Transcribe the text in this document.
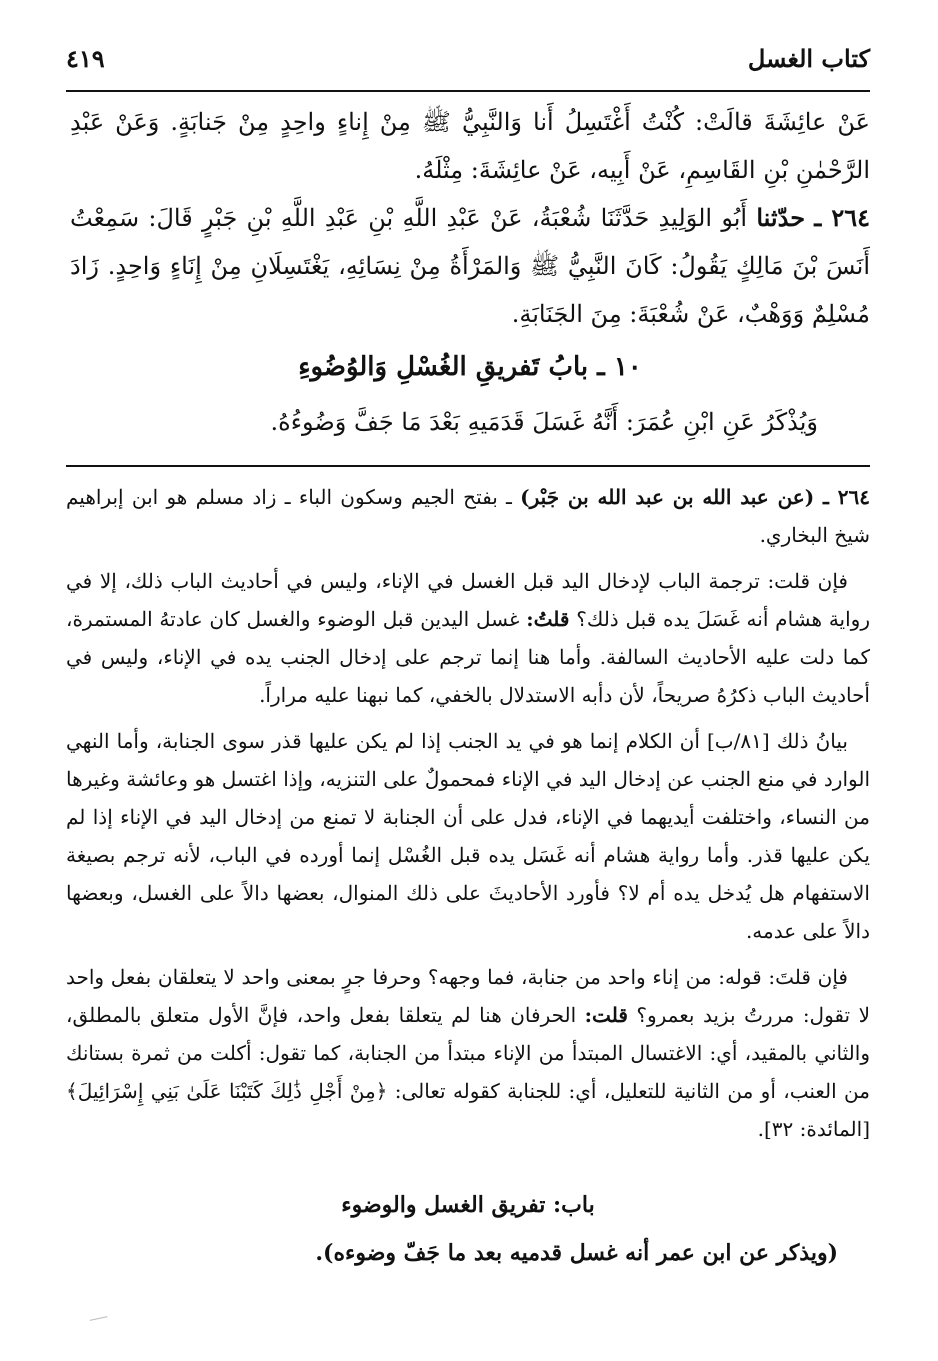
كتاب الغسل
٤١٩

عَنْ عائِشَةَ قالَتْ: كُنْتُ أَغْتَسِلُ أَنا وَالنَّبِيُّ ﷺ مِنْ إِناءٍ واحِدٍ مِنْ جَنابَةٍ. وَعَنْ عَبْدِ الرَّحْمٰنِ بْنِ القَاسِمِ، عَنْ أَبِيه، عَنْ عائِشَةَ: مِثْلَهُ.

٢٦٤ ـ حدّثنا أَبُو الوَلِيدِ حَدَّثَنَا شُعْبَةُ، عَنْ عَبْدِ اللَّهِ بْنِ عَبْدِ اللَّهِ بْنِ جَبْرٍ قَالَ: سَمِعْتُ أَنَسَ بْنَ مَالِكٍ يَقُولُ: كَانَ النَّبِيُّ ﷺ وَالمَرْأَةُ مِنْ نِسَائِهِ، يَغْتَسِلَانِ مِنْ إِنَاءٍ وَاحِدٍ. زَادَ مُسْلِمٌ وَوَهْبٌ، عَنْ شُعْبَةَ: مِنَ الجَنَابَةِ.

١٠ ـ بابُ تَفريقِ الغُسْلِ وَالوُضُوءِ
وَيُذْكَرُ عَنِ ابْنِ عُمَرَ: أَنَّهُ غَسَلَ قَدَمَيهِ بَعْدَ مَا جَفَّ وَضُوءُهُ.

٢٦٤ ـ (عن عبد الله بن عبد الله بن جَبْر) ـ بفتح الجيم وسكون الباء ـ زاد مسلم هو ابن إبراهيم شيخ البخاري.

فإن قلت: ترجمة الباب لإدخال اليد قبل الغسل في الإناء، وليس في أحاديث الباب ذلك، إلا في رواية هشام أنه غَسَلَ يده قبل ذلك؟ قلتُ: غسل اليدين قبل الوضوء والغسل كان عادتهُ المستمرة، كما دلت عليه الأحاديث السالفة. وأما هنا إنما ترجم على إدخال الجنب يده في الإناء، وليس في أحاديث الباب ذكرُهُ صريحاً، لأن دأبه الاستدلال بالخفي، كما نبهنا عليه مراراً.

بيانُ ذلك [٨١/ب] أن الكلام إنما هو في يد الجنب إذا لم يكن عليها قذر سوى الجنابة، وأما النهي الوارد في منع الجنب عن إدخال اليد في الإناء فمحمولٌ على التنزيه، وإذا اغتسل هو وعائشة وغيرها من النساء، واختلفت أيديهما في الإناء، فدل على أن الجنابة لا تمنع من إدخال اليد في الإناء إذا لم يكن عليها قذر. وأما رواية هشام أنه غَسَل يده قبل الغُسْل إنما أورده في الباب، لأنه ترجم بصيغة الاستفهام هل يُدخل يده أم لا؟ فأورد الأحاديثَ على ذلك المنوال، بعضها دالاً على الغسل، وبعضها دالاً على عدمه.

فإن قلتَ: قوله: من إناء واحد من جنابة، فما وجهه؟ وحرفا جرٍ بمعنى واحد لا يتعلقان بفعل واحد لا تقول: مررتُ بزيد بعمرو؟ قلت: الحرفان هنا لم يتعلقا بفعل واحد، فإنَّ الأول متعلق بالمطلق، والثاني بالمقيد، أي: الاغتسال المبتدأ من الإناء مبتدأ من الجنابة، كما تقول: أكلت من ثمرة بستانك من العنب، أو من الثانية للتعليل، أي: للجنابة كقوله تعالى: ﴿مِنْ أَجْلِ ذَٰلِكَ كَتَبْنَا عَلَىٰ بَنِي إِسْرَائِيلَ﴾ [المائدة: ٣٢].

باب: تفريق الغسل والوضوء
(ويذكر عن ابن عمر أنه غسل قدميه بعد ما جَفّ وضوءه).
